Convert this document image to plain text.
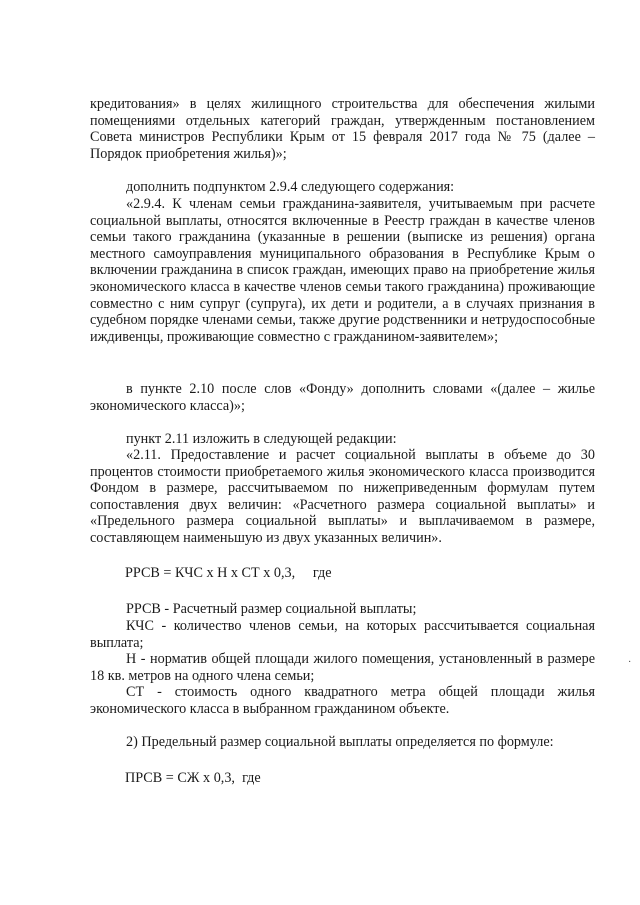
кредитования» в целях жилищного строительства для обеспечения жилыми помещениями отдельных категорий граждан, утвержденным постановлением Совета министров Республики Крым от 15 февраля 2017 года № 75 (далее – Порядок приобретения жилья)»;
дополнить подпунктом 2.9.4 следующего содержания:
«2.9.4. К членам семьи гражданина-заявителя, учитываемым при расчете социальной выплаты, относятся включенные в Реестр граждан в качестве членов семьи такого гражданина (указанные в решении (выписке из решения) органа местного самоуправления муниципального образования в Республике Крым о включении гражданина в список граждан, имеющих право на приобретение жилья экономического класса в качестве членов семьи такого гражданина) проживающие совместно с ним супруг (супруга), их дети и родители, а в случаях признания в судебном порядке членами семьи, также другие родственники и нетрудоспособные иждивенцы, проживающие совместно с гражданином-заявителем»;
в пункте 2.10 после слов «Фонду» дополнить словами «(далее – жилье экономического класса)»;
пункт 2.11 изложить в следующей редакции:
«2.11. Предоставление и расчет социальной выплаты в объеме до 30 процентов стоимости приобретаемого жилья экономического класса производится Фондом в размере, рассчитываемом по нижеприведенным формулам путем сопоставления двух величин: «Расчетного размера социальной выплаты» и «Предельного размера социальной выплаты» и выплачиваемом в размере, составляющем наименьшую из двух указанных величин».
РРСВ = КЧС х Н х СТ х 0,3,     где
РРСВ - Расчетный размер социальной выплаты;
КЧС - количество членов семьи, на которых рассчитывается социальная выплата;
Н - норматив общей площади жилого помещения, установленный в размере 18 кв. метров на одного члена семьи;
СТ - стоимость одного квадратного метра общей площади жилья экономического класса в выбранном гражданином объекте.
2) Предельный размер социальной выплаты определяется по формуле:
ПРСВ = СЖ х 0,3,  где
·
